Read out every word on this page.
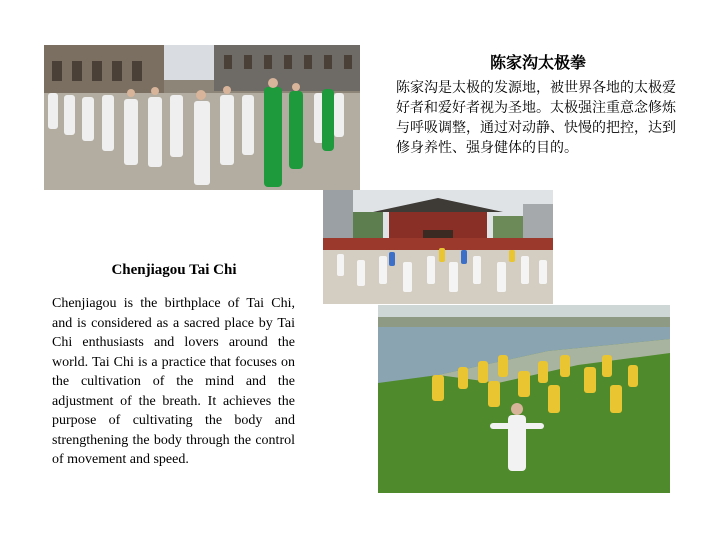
陈家沟太极拳
陈家沟是太极的发源地，被世界各地的太极爱好者和爱好者视为圣地。太极强注重意念修炼与呼吸调整，通过对动静、快慢的把控，达到修身养性、强身健体的目的。
Chenjiagou Tai Chi
Chenjiagou is the birthplace of Tai Chi, and is considered as a sacred place by Tai Chi enthusiasts and lovers around the world. Tai Chi is a practice that focuses on the cultivation of the mind and the adjustment of the breath. It achieves the purpose of cultivating the body and strengthening the body through the control of movement and speed.
